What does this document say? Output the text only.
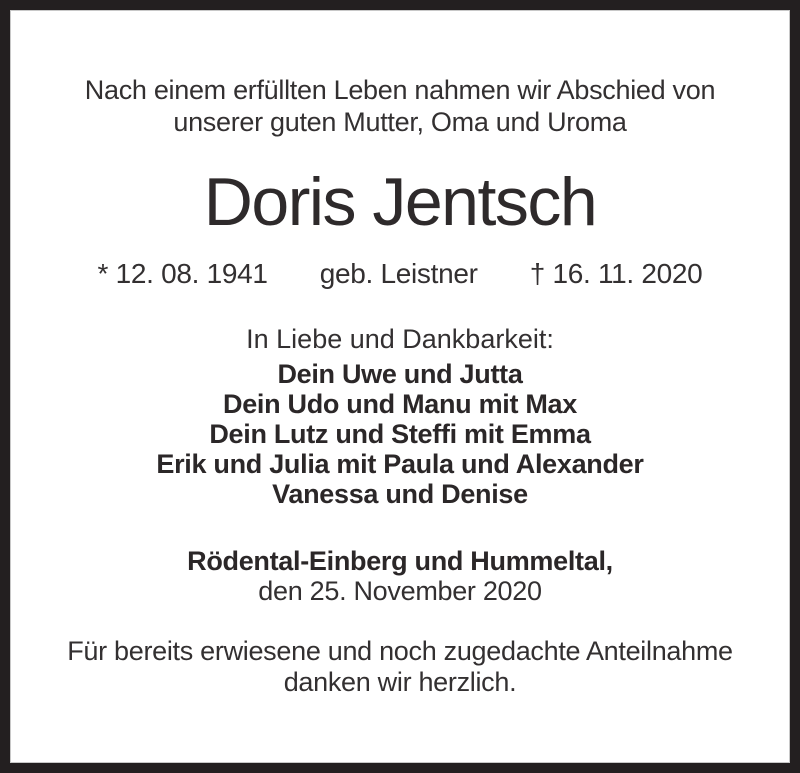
Nach einem erfüllten Leben nahmen wir Abschied von
unserer guten Mutter, Oma und Uroma
Doris Jentsch
* 12. 08. 1941 geb. Leistner † 16. 11. 2020
In Liebe und Dankbarkeit:
Dein Uwe und Jutta
Dein Udo und Manu mit Max
Dein Lutz und Steffi mit Emma
Erik und Julia mit Paula und Alexander
Vanessa und Denise
Rödental-Einberg und Hummeltal,
den 25. November 2020
Für bereits erwiesene und noch zugedachte Anteilnahme
danken wir herzlich.
